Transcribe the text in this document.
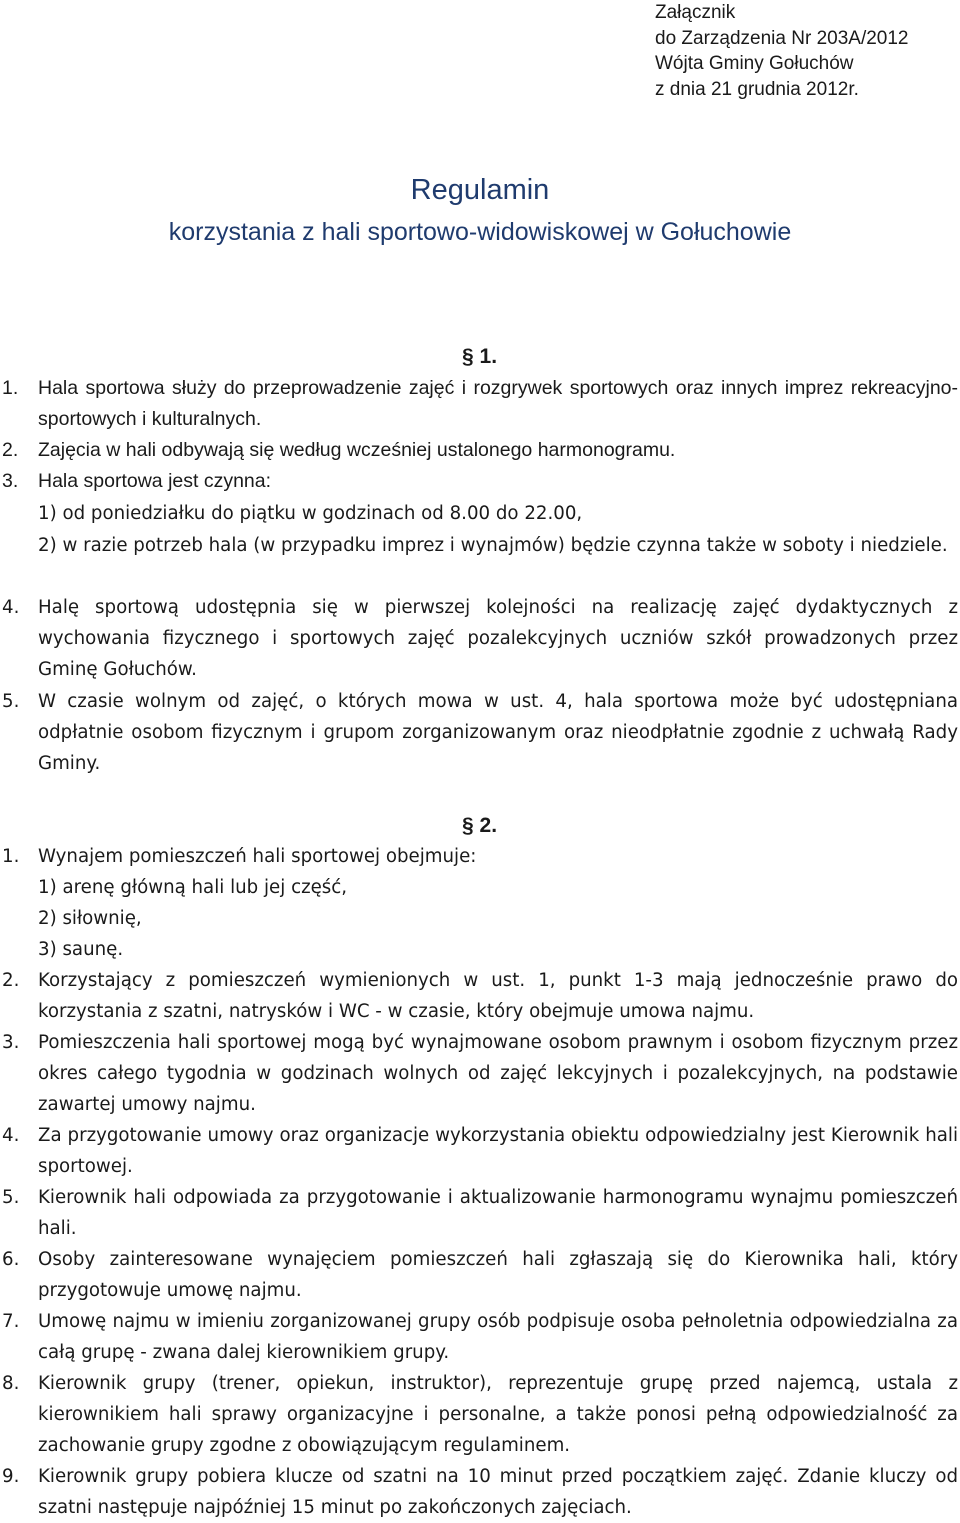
Załącznik
do Zarządzenia Nr 203A/2012
Wójta Gminy Gołuchów
z dnia 21 grudnia 2012r.
Regulamin
korzystania z hali sportowo-widowiskowej w Gołuchowie
§ 1.
1. Hala sportowa służy do przeprowadzenie zajęć i rozgrywek sportowych oraz innych imprez rekreacyjno-sportowych i kulturalnych.
2. Zajęcia w hali odbywają się według wcześniej ustalonego harmonogramu.
3. Hala sportowa jest czynna:
1) od poniedziałku do piątku w godzinach od 8.00 do 22.00,
2) w razie potrzeb hala (w przypadku imprez i wynajmów) będzie czynna także w soboty i niedziele.
4. Halę sportową udostępnia się w pierwszej kolejności na realizację zajęć dydaktycznych z wychowania fizycznego i sportowych zajęć pozalekcyjnych uczniów szkół prowadzonych przez Gminę Gołuchów.
5. W czasie wolnym od zajęć, o których mowa w ust. 4, hala sportowa może być udostępniana odpłatnie osobom fizycznym i grupom zorganizowanym oraz nieodpłatnie zgodnie z uchwałą Rady Gminy.
§ 2.
1. Wynajem pomieszczeń hali sportowej obejmuje:
1) arenę główną hali lub jej część,
2) siłownię,
3) saunę.
2. Korzystający z pomieszczeń wymienionych w ust. 1, punkt 1-3 mają jednocześnie prawo do korzystania z szatni, natrysków i WC - w czasie, który obejmuje umowa najmu.
3. Pomieszczenia hali sportowej mogą być wynajmowane osobom prawnym i osobom fizycznym przez okres całego tygodnia w godzinach wolnych od zajęć lekcyjnych i pozalekcyjnych, na podstawie zawartej umowy najmu.
4. Za przygotowanie umowy oraz organizacje wykorzystania obiektu odpowiedzialny jest Kierownik hali sportowej.
5. Kierownik hali odpowiada za przygotowanie i aktualizowanie harmonogramu wynajmu pomieszczeń hali.
6. Osoby zainteresowane wynajęciem pomieszczeń hali zgłaszają się do Kierownika hali, który przygotowuje umowę najmu.
7. Umowę najmu w imieniu zorganizowanej grupy osób podpisuje osoba pełnoletnia odpowiedzialna za całą grupę - zwana dalej kierownikiem grupy.
8. Kierownik grupy (trener, opiekun, instruktor), reprezentuje grupę przed najemcą, ustala z kierownikiem hali sprawy organizacyjne i personalne, a także ponosi pełną odpowiedzialność za zachowanie grupy zgodne z obowiązującym regulaminem.
9. Kierownik grupy pobiera klucze od szatni na 10 minut przed początkiem zajęć. Zdanie kluczy od szatni następuje najpóźniej 15 minut po zakończonych zajęciach.
